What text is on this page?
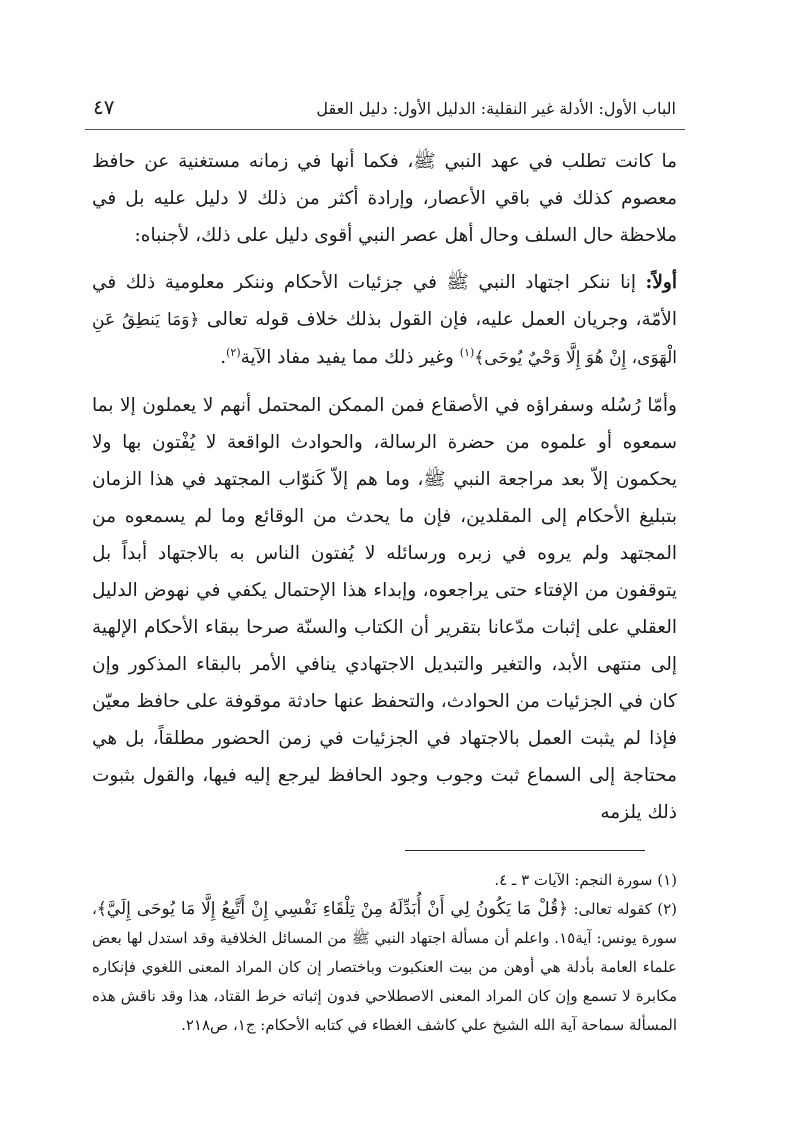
الباب الأول: الأدلة غير النقلية: الدليل الأول: دليل العقل
٤٧

ما كانت تطلب في عهد النبي ﷺ، فكما أنها في زمانه مستغنية عن حافظ معصوم كذلك في باقي الأعصار، وإرادة أكثر من ذلك لا دليل عليه بل في ملاحظة حال السلف وحال أهل عصر النبي أقوى دليل على ذلك، لأجنباه:

أولاً: إنا ننكر اجتهاد النبي ﷺ في جزئيات الأحكام وننكر معلومية ذلك في الأمّة، وجريان العمل عليه، فإن القول بذلك خلاف قوله تعالى ﴿وَمَا يَنطِقُ عَنِ الْهَوَى، إِنْ هُوَ إِلَّا وَحْيٌ يُوحَى﴾$^{(١)}$ وغير ذلك مما يفيد مفاد الآية$^{(٢)}$.

وأمّا رُسُله وسفراؤه في الأصقاع فمن الممكن المحتمل أنهم لا يعملون إلا بما سمعوه أو علموه من حضرة الرسالة، والحوادث الواقعة لا يُفْتون بها ولا يحكمون إلاّ بعد مراجعة النبي ﷺ، وما هم إلاّ كَنوّاب المجتهد في هذا الزمان بتبليغ الأحكام إلى المقلدين، فإن ما يحدث من الوقائع وما لم يسمعوه من المجتهد ولم يروه في زبره ورسائله لا يُفتون الناس به بالاجتهاد أبداً بل يتوقفون من الإفتاء حتى يراجعوه، وإبداء هذا الإحتمال يكفي في نهوض الدليل العقلي على إثبات مدّعانا بتقرير أن الكتاب والسنّة صرحا ببقاء الأحكام الإلهية إلى منتهى الأبد، والتغير والتبديل الاجتهادي ينافي الأمر بالبقاء المذكور وإن كان في الجزئيات من الحوادث، والتحفظ عنها حادثة موقوفة على حافظ معيّن فإذا لم يثبت العمل بالاجتهاد في الجزئيات في زمن الحضور مطلقاً، بل هي محتاجة إلى السماع ثبت وجوب وجود الحافظ ليرجع إليه فيها، والقول بثبوت ذلك يلزمه

(١) سورة النجم: الآيات ٣ ـ ٤.

(٢) كقوله تعالى: ﴿قُلْ مَا يَكُونُ لِي أَنْ أُبَدِّلَهُ مِنْ تِلْقَاءِ نَفْسِي إِنْ أَتَّبِعُ إِلَّا مَا يُوحَى إِلَيَّ﴾، سورة يونس: آية١٥. واعلم أن مسألة اجتهاد النبي ﷺ من المسائل الخلافية وقد استدل لها بعض علماء العامة بأدلة هي أوهن من بيت العنكبوت وباختصار إن كان المراد المعنى اللغوي فإنكاره مكابرة لا تسمع وإن كان المراد المعنى الاصطلاحي فدون إثباته خرط القتاد، هذا وقد ناقش هذه المسألة سماحة آية الله الشيخ علي كاشف الغطاء في كتابه الأحكام: ج١، ص٢١٨.
